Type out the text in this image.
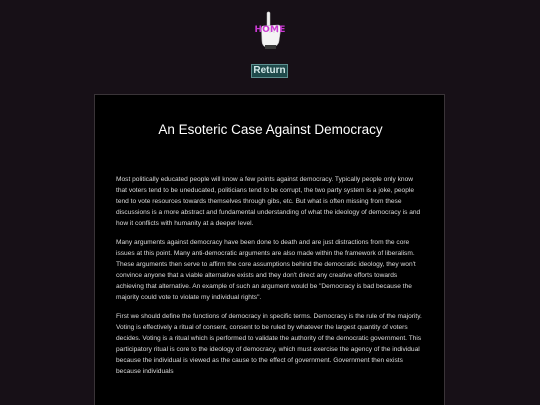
HOME
Return
An Esoteric Case Against Democracy

Most politically educated people will know a few points against democracy. Typically people only know that voters tend to be uneducated, politicians tend to be corrupt, the two party system is a joke, people tend to vote resources towards themselves through gibs, etc. But what is often missing from these discussions is a more abstract and fundamental understanding of what the ideology of democracy is and how it conflicts with humanity at a deeper level.

Many arguments against democracy have been done to death and are just distractions from the core issues at this point. Many anti-democratic arguments are also made within the framework of liberalism. These arguments then serve to affirm the core assumptions behind the democratic ideology, they won't convince anyone that a viable alternative exists and they don't direct any creative efforts towards achieving that alternative. An example of such an argument would be "Democracy is bad because the majority could vote to violate my individual rights".

First we should define the functions of democracy in specific terms. Democracy is the rule of the majority. Voting is effectively a ritual of consent, consent to be ruled by whatever the largest quantity of voters decides. Voting is a ritual which is performed to validate the authority of the democratic government. This participatory ritual is core to the ideology of democracy, which must exercise the agency of the individual because the individual is viewed as the cause to the effect of government. Government then exists because individuals
